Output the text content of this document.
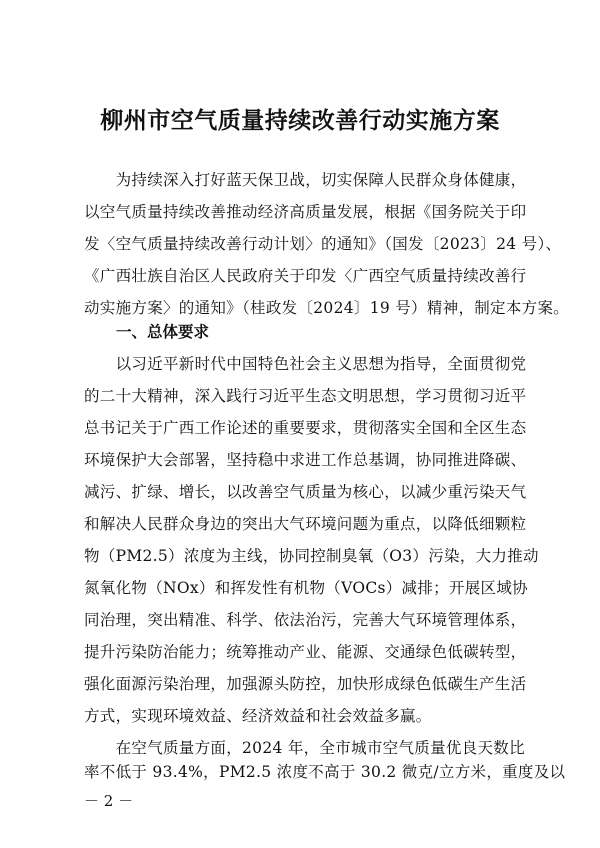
柳州市空气质量持续改善行动实施方案
　　为持续深入打好蓝天保卫战，切实保障人民群众身体健康，
以空气质量持续改善推动经济高质量发展，根据《国务院关于印
发〈空气质量持续改善行动计划〉的通知》（国发〔2023〕24 号）、
《广西壮族自治区人民政府关于印发〈广西空气质量持续改善行
动实施方案〉的通知》（桂政发〔2024〕19 号）精神，制定本方案。
一、总体要求
　　以习近平新时代中国特色社会主义思想为指导，全面贯彻党
的二十大精神，深入践行习近平生态文明思想，学习贯彻习近平
总书记关于广西工作论述的重要要求，贯彻落实全国和全区生态
环境保护大会部署，坚持稳中求进工作总基调，协同推进降碳、
减污、扩绿、增长，以改善空气质量为核心，以减少重污染天气
和解决人民群众身边的突出大气环境问题为重点，以降低细颗粒
物（PM2.5）浓度为主线，协同控制臭氧（O3）污染，大力推动
氮氧化物（NOx）和挥发性有机物（VOCs）减排；开展区域协
同治理，突出精准、科学、依法治污，完善大气环境管理体系，
提升污染防治能力；统筹推动产业、能源、交通绿色低碳转型，
强化面源污染治理，加强源头防控，加快形成绿色低碳生产生活
方式，实现环境效益、经济效益和社会效益多赢。
　　在空气质量方面，2024 年，全市城市空气质量优良天数比
率不低于 93.4%，PM2.5 浓度不高于 30.2 微克/立方米，重度及以
－ 2 －
